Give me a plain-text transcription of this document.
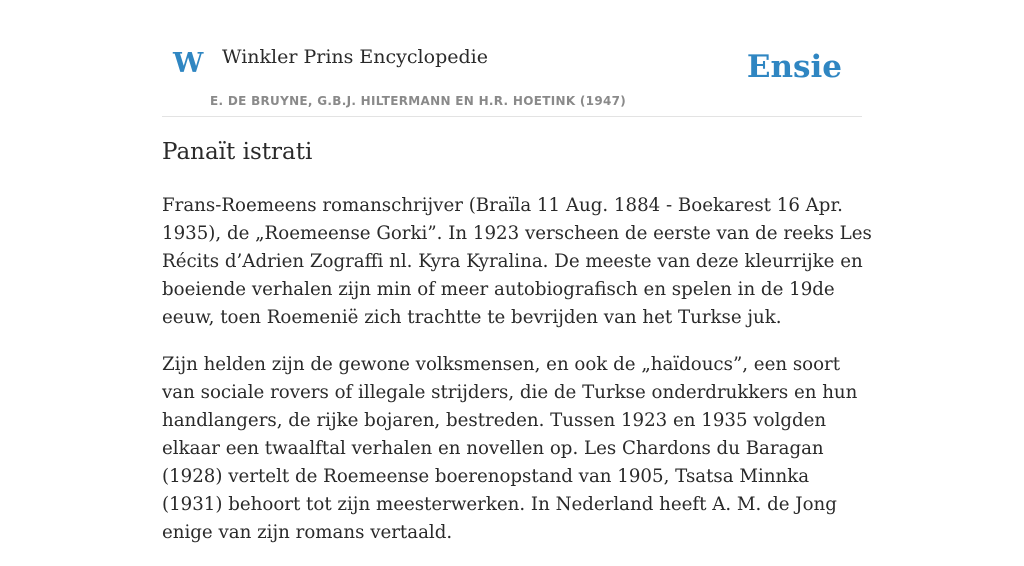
W Winkler Prins Encyclopedie
E. DE BRUYNE, G.B.J. HILTERMANN EN H.R. HOETINK (1947)
Ensie
Panaït istrati

Frans-Roemeens romanschrijver (Braïla 11 Aug. 1884 - Boekarest 16 Apr. 1935), de „Roemeense Gorki”. In 1923 verscheen de eerste van de reeks Les Récits d’Adrien Zograffi nl. Kyra Kyralina. De meeste van deze kleurrijke en boeiende verhalen zijn min of meer autobiografisch en spelen in de 19de eeuw, toen Roemenië zich trachtte te bevrijden van het Turkse juk.

Zijn helden zijn de gewone volksmensen, en ook de „haïdoucs”, een soort van sociale rovers of illegale strijders, die de Turkse onderdrukkers en hun handlangers, de rijke bojaren, bestreden. Tussen 1923 en 1935 volgden elkaar een twaalftal verhalen en novellen op. Les Chardons du Baragan (1928) vertelt de Roemeense boerenopstand van 1905, Tsatsa Minnka (1931) behoort tot zijn meesterwerken. In Nederland heeft A. M. de Jong enige van zijn romans vertaald.
